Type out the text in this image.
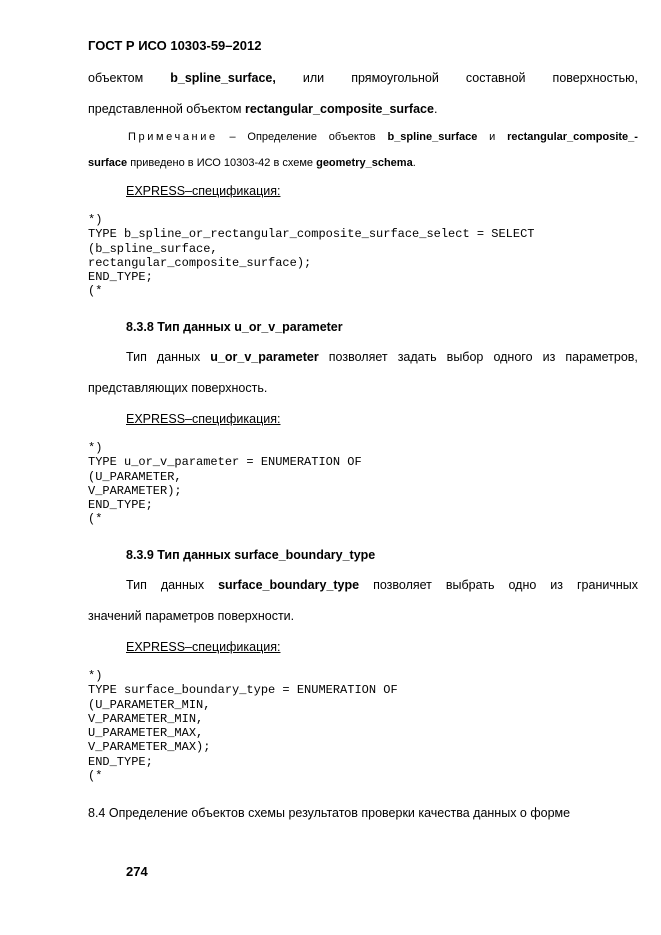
ГОСТ Р ИСО 10303-59–2012
объектом b_spline_surface, или прямоугольной составной поверхностью,
представленной объектом rectangular_composite_surface.
Примечание – Определение объектов b_spline_surface и rectangular_composite_-
surface приведено в ИСО 10303-42 в схеме geometry_schema.
EXPRESS–спецификация:
*)
TYPE b_spline_or_rectangular_composite_surface_select = SELECT
(b_spline_surface,
rectangular_composite_surface);
END_TYPE;
(*
8.3.8 Тип данных u_or_v_parameter
Тип данных u_or_v_parameter позволяет задать выбор одного из параметров,
представляющих поверхность.
EXPRESS–спецификация:
*)
TYPE u_or_v_parameter = ENUMERATION OF
(U_PARAMETER,
V_PARAMETER);
END_TYPE;
(*
8.3.9 Тип данных surface_boundary_type
Тип данных surface_boundary_type позволяет выбрать одно из граничных
значений параметров поверхности.
EXPRESS–спецификация:
*)
TYPE surface_boundary_type = ENUMERATION OF
(U_PARAMETER_MIN,
V_PARAMETER_MIN,
U_PARAMETER_MAX,
V_PARAMETER_MAX);
END_TYPE;
(*
8.4 Определение объектов схемы результатов проверки качества данных о форме
274
